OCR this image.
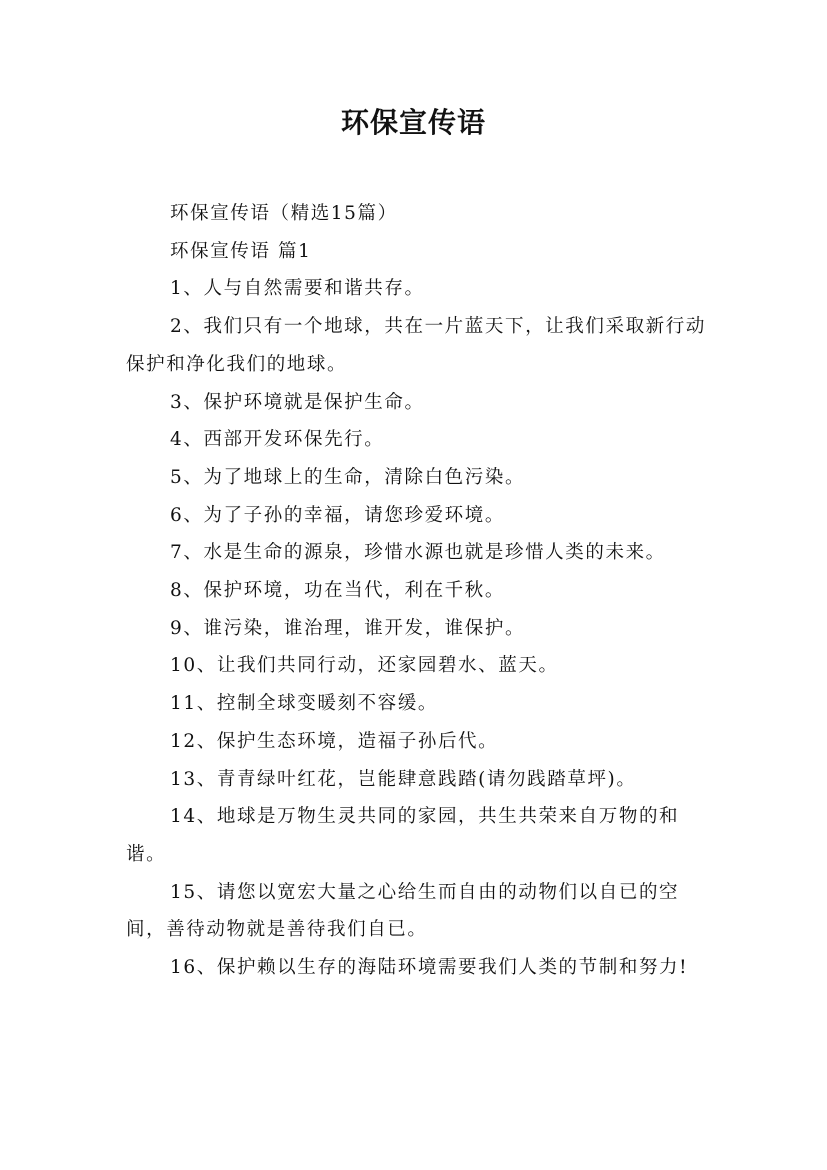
环保宣传语

环保宣传语（精选15篇）

环保宣传语 篇1

1、人与自然需要和谐共存。

2、我们只有一个地球，共在一片蓝天下，让我们采取新行动保护和净化我们的地球。

3、保护环境就是保护生命。

4、西部开发环保先行。

5、为了地球上的生命，清除白色污染。

6、为了子孙的幸福，请您珍爱环境。

7、水是生命的源泉，珍惜水源也就是珍惜人类的未来。

8、保护环境，功在当代，利在千秋。

9、谁污染，谁治理，谁开发，谁保护。

10、让我们共同行动，还家园碧水、蓝天。

11、控制全球变暖刻不容缓。

12、保护生态环境，造福子孙后代。

13、青青绿叶红花，岂能肆意践踏(请勿践踏草坪)。

14、地球是万物生灵共同的家园，共生共荣来自万物的和谐。

15、请您以宽宏大量之心给生而自由的动物们以自已的空间，善待动物就是善待我们自已。

16、保护赖以生存的海陆环境需要我们人类的节制和努力!
